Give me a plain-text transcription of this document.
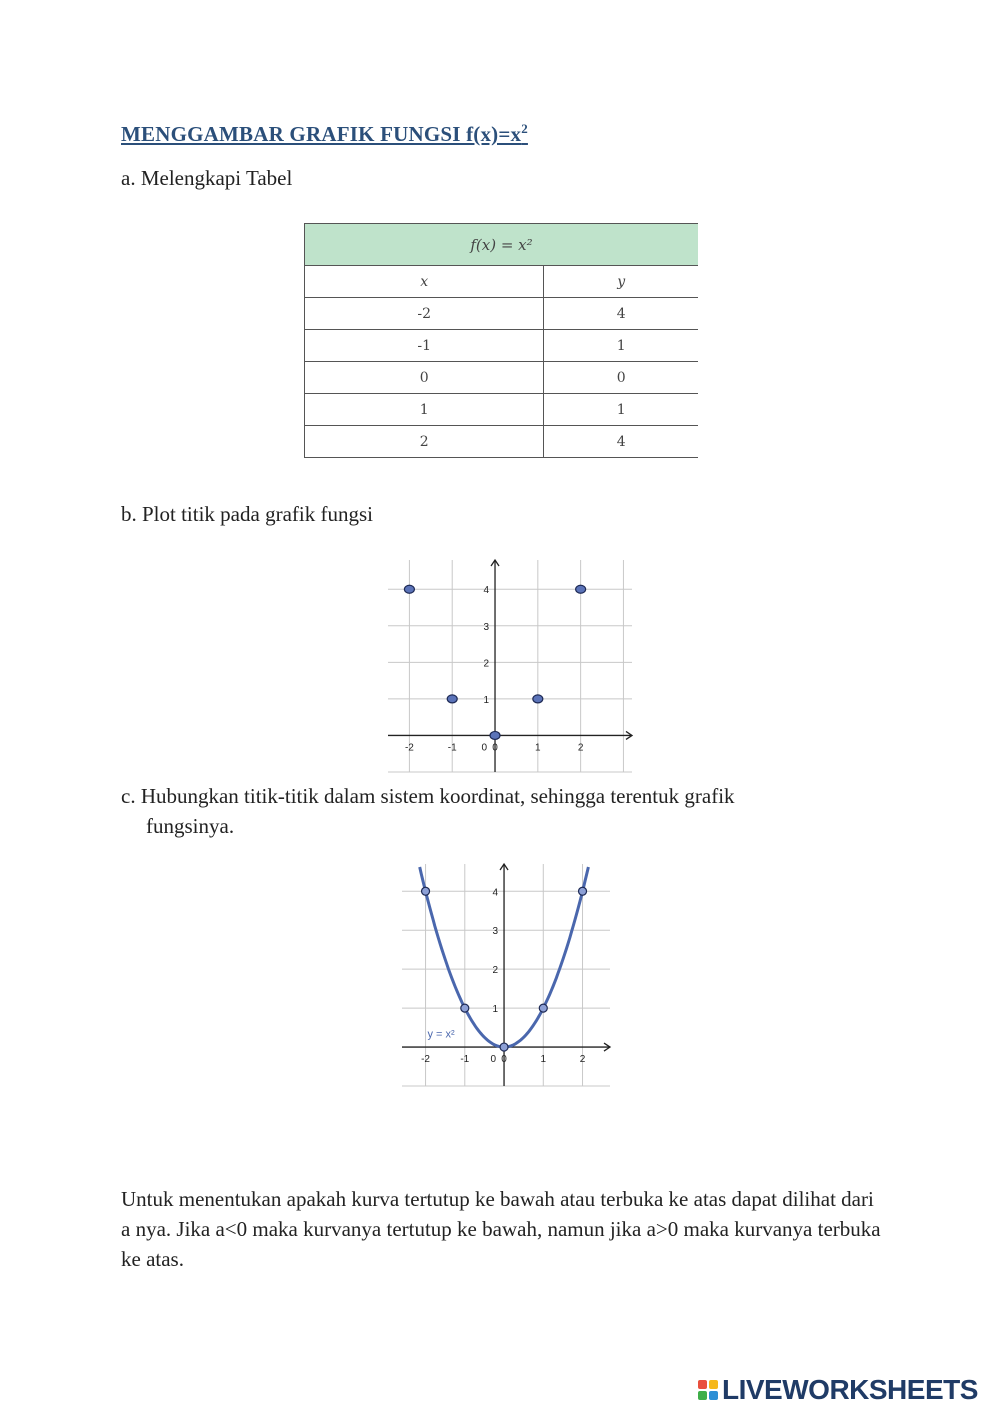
MENGGAMBAR GRAFIK FUNGSI $f(x)=x^2$
a. Melengkapi Tabel
f(x) = x²	
x	y
-2	4
-1	1
0	0
1	1
2	4
b. Plot titik pada grafik fungsi
-2	-1	0	1	2
0
1
2
3
4
c. Hubungkan titik-titik dalam sistem koordinat, sehingga terentuk grafik
fungsinya.
-2	-1	0	1	2
0
1
2
3
4
y = x²
Untuk menentukan apakah kurva tertutup ke bawah atau terbuka ke atas dapat dilihat dari a nya. Jika a<0 maka kurvanya tertutup ke bawah, namun jika a>0 maka kurvanya terbuka ke atas.
LIVEWORKSHEETS
